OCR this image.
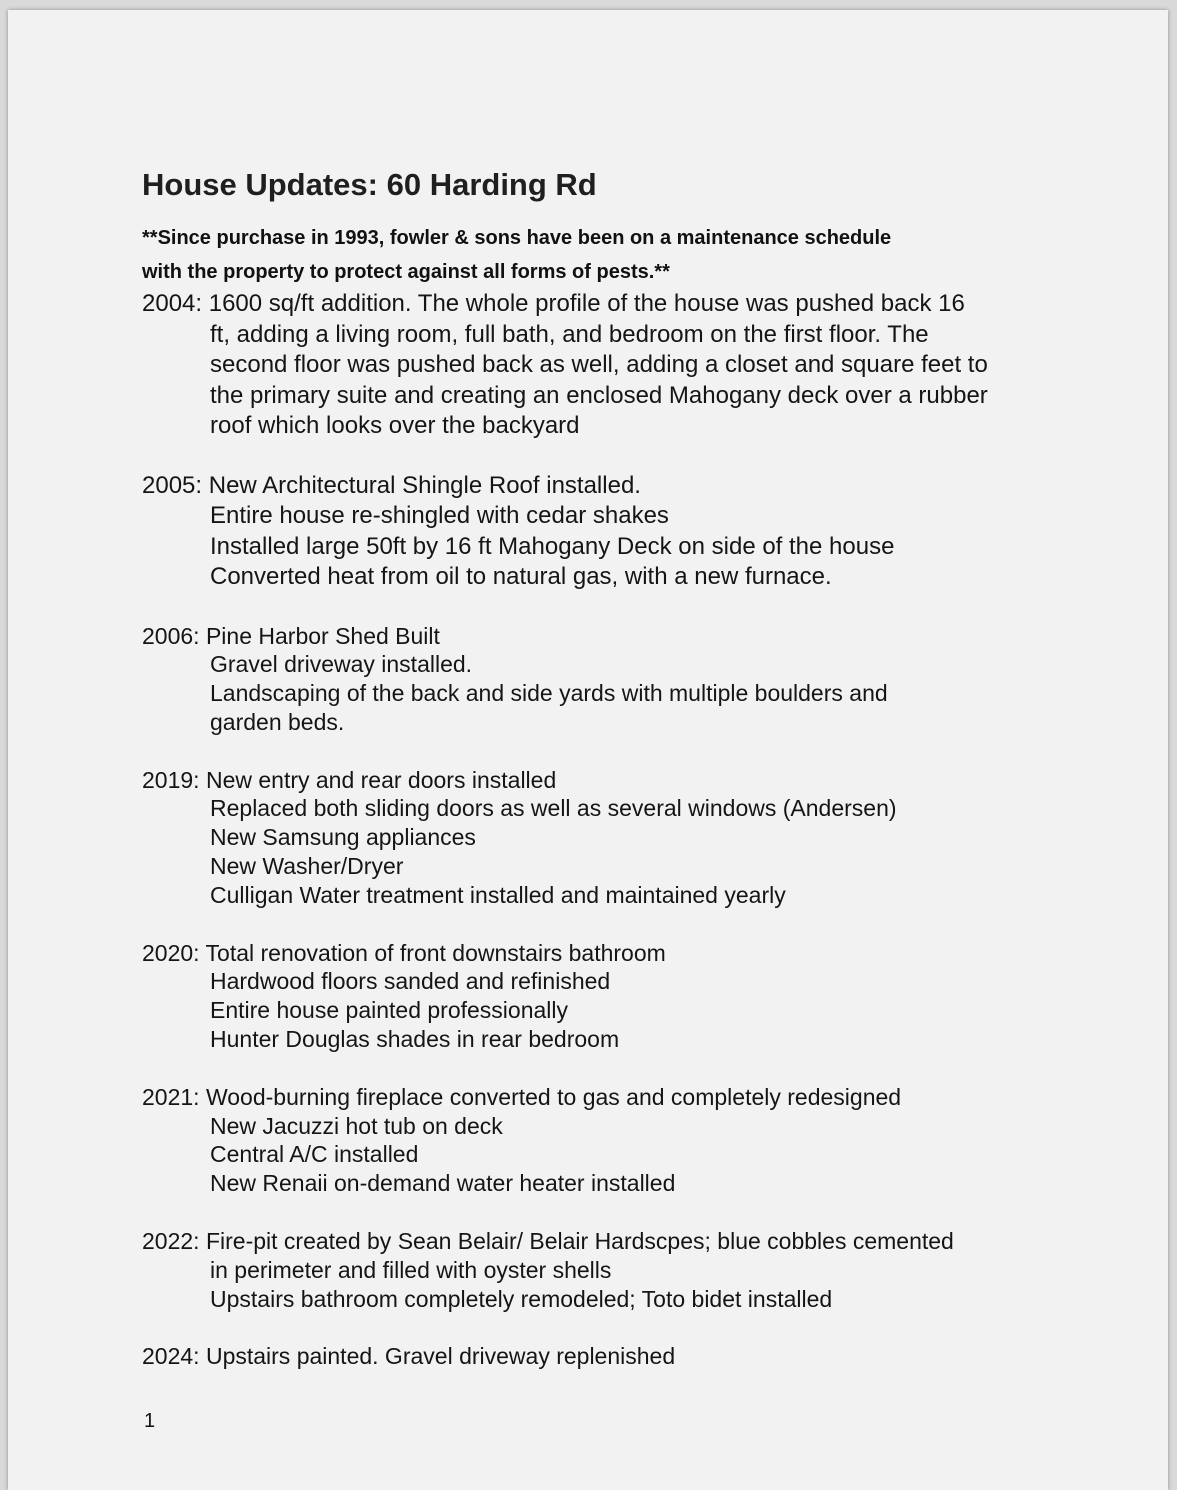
House Updates: 60 Harding Rd

**Since purchase in 1993, fowler & sons have been on a maintenance schedule

with the property to protect against all forms of pests.**

2004: 1600 sq/ft addition. The whole profile of the house was pushed back 16
ft, adding a living room, full bath, and bedroom on the first floor. The
second floor was pushed back as well, adding a closet and square feet to
the primary suite and creating an enclosed Mahogany deck over a rubber
roof which looks over the backyard
2005: New Architectural Shingle Roof installed.
Entire house re-shingled with cedar shakes
Installed large 50ft by 16 ft Mahogany Deck on side of the house
Converted heat from oil to natural gas, with a new furnace.
2006: Pine Harbor Shed Built
Gravel driveway installed.
Landscaping of the back and side yards with multiple boulders and
garden beds.
2019: New entry and rear doors installed
Replaced both sliding doors as well as several windows (Andersen)
New Samsung appliances
New Washer/Dryer
Culligan Water treatment installed and maintained yearly
2020: Total renovation of front downstairs bathroom
Hardwood floors sanded and refinished
Entire house painted professionally
Hunter Douglas shades in rear bedroom
2021: Wood-burning fireplace converted to gas and completely redesigned
New Jacuzzi hot tub on deck
Central A/C installed
New Renaii on-demand water heater installed
2022: Fire-pit created by Sean Belair/ Belair Hardscpes; blue cobbles cemented
in perimeter and filled with oyster shells
Upstairs bathroom completely remodeled; Toto bidet installed
2024: Upstairs painted. Gravel driveway replenished
1
